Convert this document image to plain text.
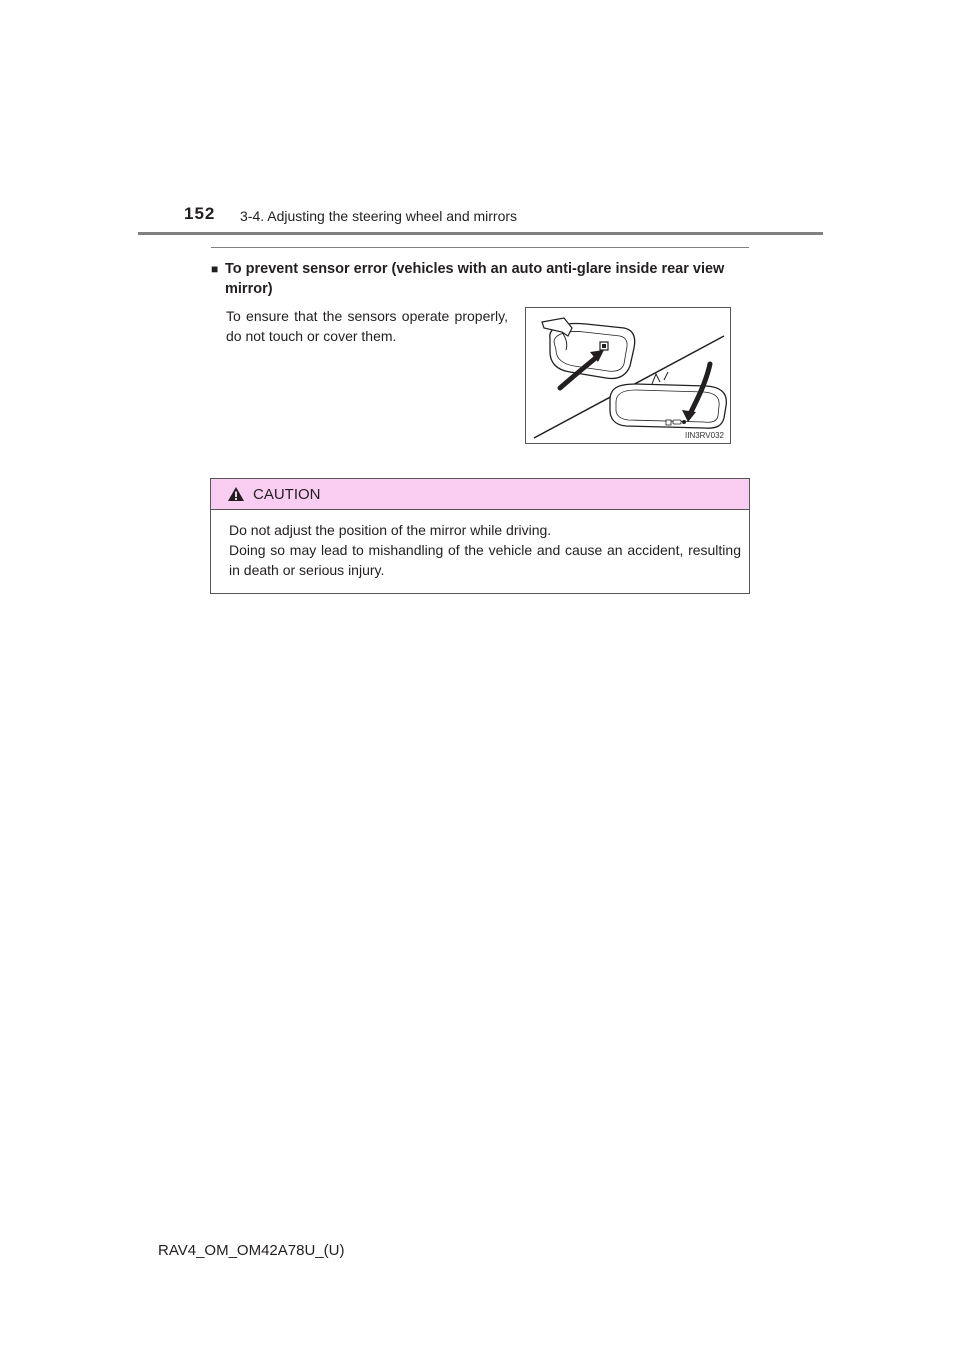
152 3-4. Adjusting the steering wheel and mirrors
■ To prevent sensor error (vehicles with an auto anti-glare inside rear view
mirror)
To ensure that the sensors operate properly, do not touch or cover them.
IIN3RV032
CAUTION

Do not adjust the position of the mirror while driving.

Doing so may lead to mishandling of the vehicle and cause an accident, resulting in death or serious injury.

RAV4_OM_OM42A78U_(U)
